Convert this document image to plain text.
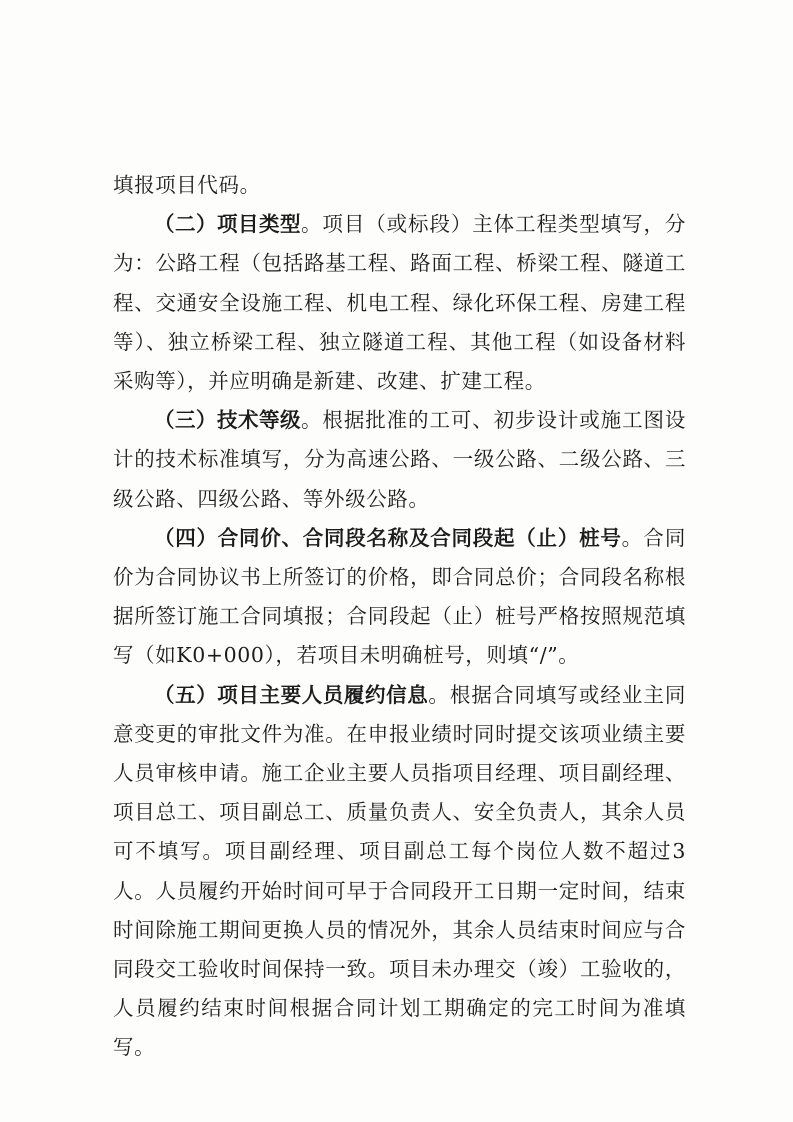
填报项目代码。

（二）项目类型。项目（或标段）主体工程类型填写，分为：公路工程（包括路基工程、路面工程、桥梁工程、隧道工程、交通安全设施工程、机电工程、绿化环保工程、房建工程等）、独立桥梁工程、独立隧道工程、其他工程（如设备材料采购等），并应明确是新建、改建、扩建工程。

（三）技术等级。根据批准的工可、初步设计或施工图设计的技术标准填写，分为高速公路、一级公路、二级公路、三级公路、四级公路、等外级公路。

（四）合同价、合同段名称及合同段起（止）桩号。合同价为合同协议书上所签订的价格，即合同总价；合同段名称根据所签订施工合同填报；合同段起（止）桩号严格按照规范填写（如K0+000），若项目未明确桩号，则填“/”。

（五）项目主要人员履约信息。根据合同填写或经业主同意变更的审批文件为准。在申报业绩时同时提交该项业绩主要人员审核申请。施工企业主要人员指项目经理、项目副经理、项目总工、项目副总工、质量负责人、安全负责人，其余人员可不填写。项目副经理、项目副总工每个岗位人数不超过3人。人员履约开始时间可早于合同段开工日期一定时间，结束时间除施工期间更换人员的情况外，其余人员结束时间应与合同段交工验收时间保持一致。项目未办理交（竣）工验收的，人员履约结束时间根据合同计划工期确定的完工时间为准填写。
